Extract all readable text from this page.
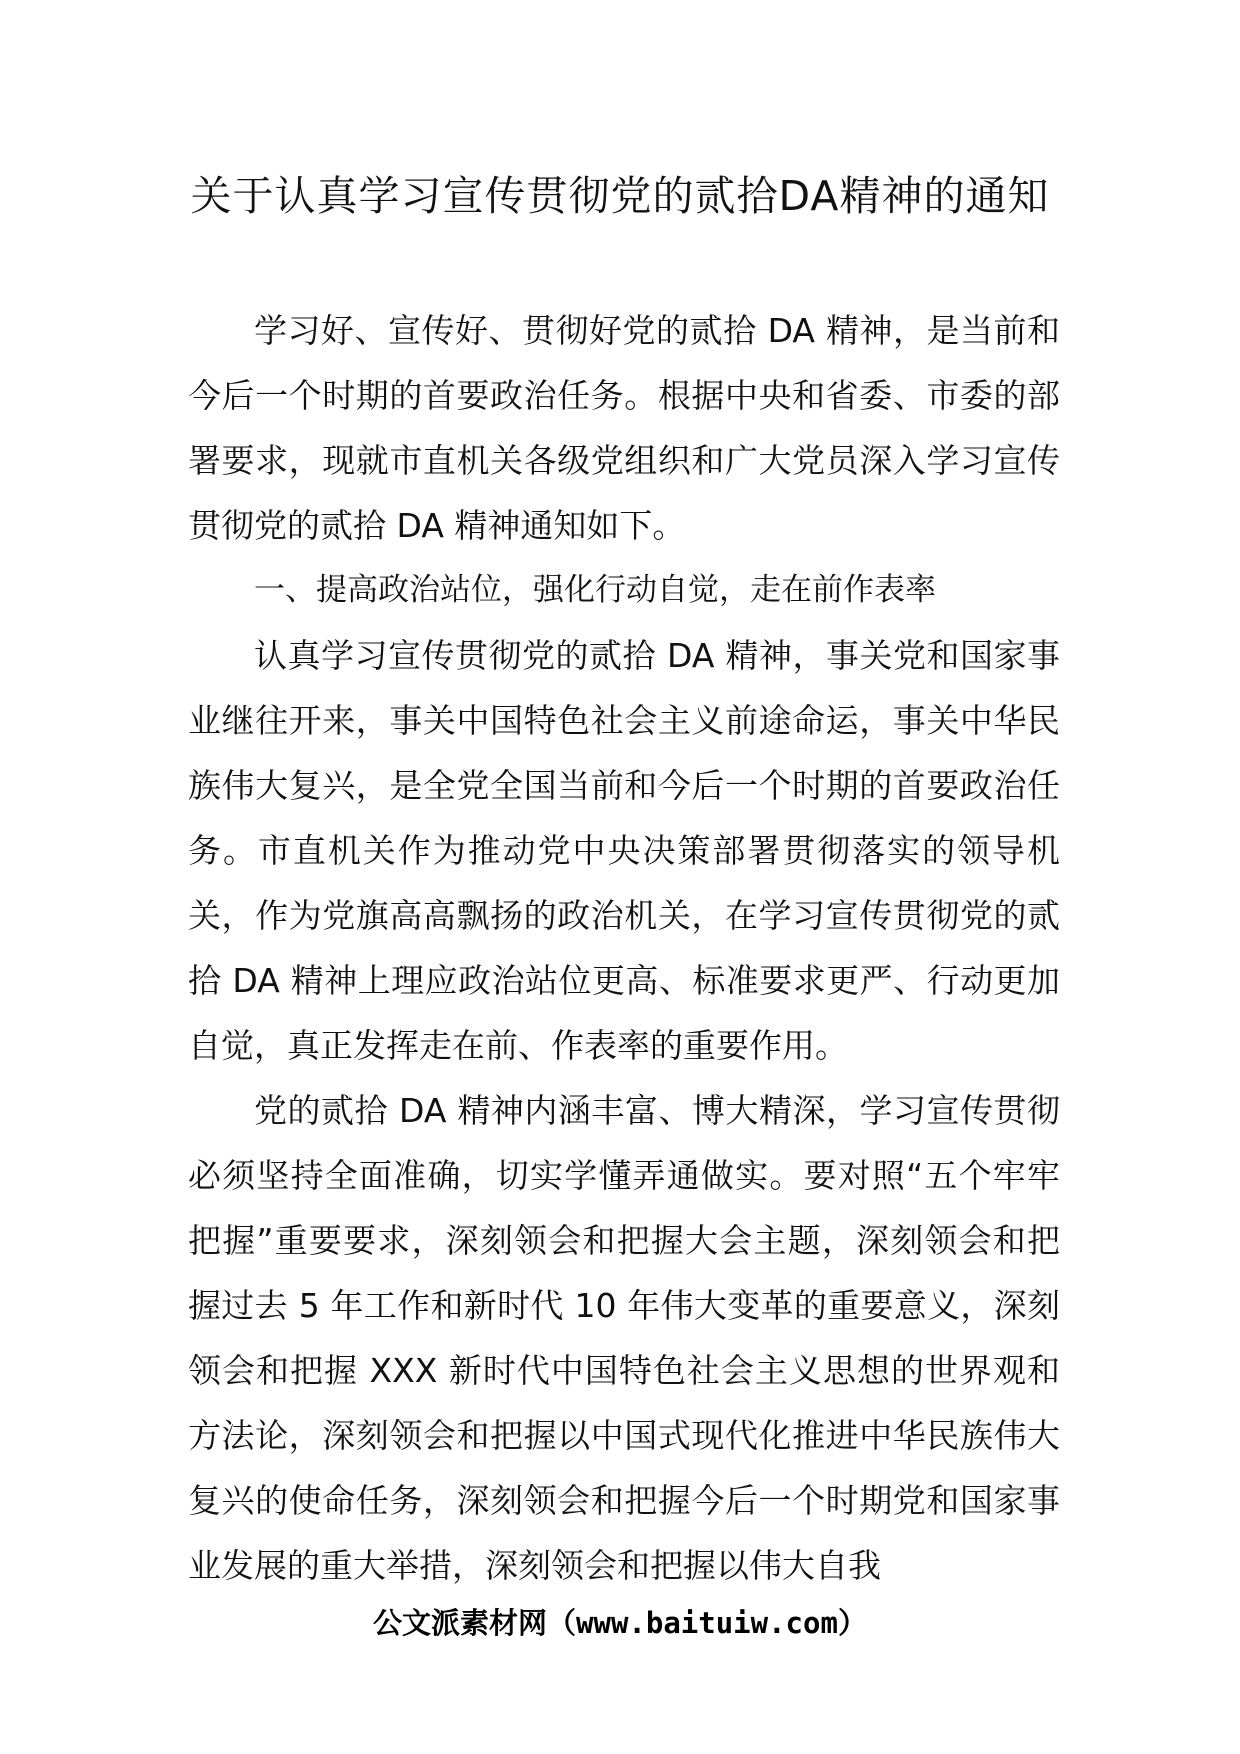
关于认真学习宣传贯彻党的贰拾DA精神的通知

学习好、宣传好、贯彻好党的贰拾 DA 精神，是当前和今后一个时期的首要政治任务。根据中央和省委、市委的部署要求，现就市直机关各级党组织和广大党员深入学习宣传贯彻党的贰拾 DA 精神通知如下。

一、提高政治站位，强化行动自觉，走在前作表率

认真学习宣传贯彻党的贰拾 DA 精神，事关党和国家事业继往开来，事关中国特色社会主义前途命运，事关中华民族伟大复兴，是全党全国当前和今后一个时期的首要政治任务。市直机关作为推动党中央决策部署贯彻落实的领导机关，作为党旗高高飘扬的政治机关，在学习宣传贯彻党的贰拾 DA 精神上理应政治站位更高、标准要求更严、行动更加自觉，真正发挥走在前、作表率的重要作用。

党的贰拾 DA 精神内涵丰富、博大精深，学习宣传贯彻必须坚持全面准确，切实学懂弄通做实。要对照“五个牢牢把握”重要要求，深刻领会和把握大会主题，深刻领会和把握过去 5 年工作和新时代 10 年伟大变革的重要意义，深刻领会和把握 XXX 新时代中国特色社会主义思想的世界观和方法论，深刻领会和把握以中国式现代化推进中华民族伟大复兴的使命任务，深刻领会和把握今后一个时期党和国家事业发展的重大举措，深刻领会和把握以伟大自我

公文派素材网（www.baituiw.com）
